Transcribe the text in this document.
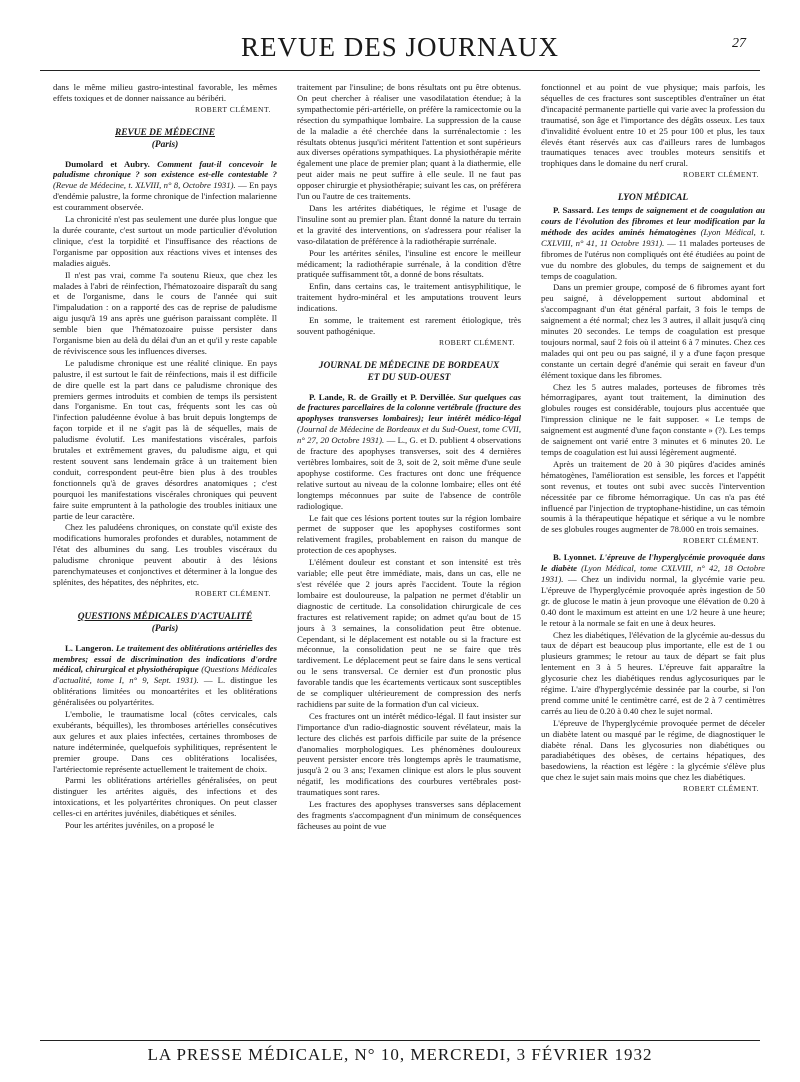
REVUE DES JOURNAUX	27

dans le même milieu gastro-intestinal favorable, les mêmes effets toxiques et de donner naissance au béribéri.

ROBERT CLÉMENT.
REVUE DE MÉDECINE
(Paris)

Dumolard et Aubry. Comment faut-il concevoir le paludisme chronique ? son existence est-elle contestable ? (Revue de Médecine, t. XLVIII, n° 8, Octobre 1931). — En pays d'endémie palustre, la forme chronique de l'infection malarienne est couramment observée.

La chronicité n'est pas seulement une durée plus longue que la durée courante, c'est surtout un mode particulier d'évolution clinique, c'est la torpidité et l'insuffisance des réactions de l'organisme par opposition aux réactions vives et intenses des maladies aiguës.

Il n'est pas vrai, comme l'a soutenu Rieux, que chez les malades à l'abri de réinfection, l'hématozoaire disparaît du sang et de l'organisme, dans le cours de l'année qui suit l'impaludation : on a rapporté des cas de reprise de paludisme aigu jusqu'à 19 ans après une guérison paraissant complète. Il semble bien que l'hématozoaire puisse persister dans l'organisme bien au delà du délai d'un an et qu'il y reste capable de réviviscence sous les influences diverses.

Le paludisme chronique est une réalité clinique. En pays palustre, il est surtout le fait de réinfections, mais il est difficile de dire quelle est la part dans ce paludisme chronique des premiers germes introduits et combien de temps ils persistent dans l'organisme. En tout cas, fréquents sont les cas où l'infection paludéenne évolue à bas bruit depuis longtemps de façon torpide et il ne s'agit pas là de séquelles, mais de paludisme évolutif. Les manifestations viscérales, parfois brutales et extrêmement graves, du paludisme aigu, et qui restent souvent sans lendemain grâce à un traitement bien conduit, correspondent peut-être bien plus à des troubles fonctionnels qu'à de graves désordres anatomiques ; c'est pourquoi les manifestations viscérales chroniques qui peuvent faire suite empruntent à la pathologie des troubles initiaux une partie de leur caractère.

Chez les paludéens chroniques, on constate qu'il existe des modifications humorales profondes et durables, notamment de l'état des albumines du sang. Les troubles viscéraux du paludisme chronique peuvent aboutir à des lésions parenchymateuses et conjonctives et déterminer à la longue des splénites, des hépatites, des néphrites, etc.

ROBERT CLÉMENT.
QUESTIONS MÉDICALES D'ACTUALITÉ
(Paris)

L. Langeron. Le traitement des oblitérations artérielles des membres; essai de discrimination des indications d'ordre médical, chirurgical et physiothérapique (Questions Médicales d'actualité, tome I, n° 9, Sept. 1931). — L. distingue les oblitérations limitées ou monoartérites et les oblitérations généralisées ou polyartérites.

L'embolie, le traumatisme local (côtes cervicales, cals exubérants, béquilles), les thromboses artérielles consécutives aux gelures et aux plaies infectées, certaines thromboses de nature indéterminée, quelquefois syphilitiques, représentent le premier groupe. Dans ces oblitérations localisées, l'artériectomie représente actuellement le traitement de choix.

Parmi les oblitérations artérielles généralisées, on peut distinguer les artérites aiguës, des infections et des intoxications, et les polyartérites chroniques. On peut classer celles-ci en artérites juvéniles, diabétiques et séniles.

Pour les artérites juvéniles, on a proposé le

traitement par l'insuline; de bons résultats ont pu être obtenus. On peut chercher à réaliser une vasodilatation étendue; à la sympathectomie péri-artérielle, on préfère la ramicectomie ou la résection du sympathique lombaire. La suppression de la cause de la maladie a été cherchée dans la surrénalectomie : les résultats obtenus jusqu'ici méritent l'attention et sont supérieurs aux diverses opérations sympathiques. La physiothérapie mérite également une place de premier plan; quant à la diathermie, elle peut aider mais ne peut suffire à elle seule. Il ne faut pas opposer chirurgie et physiothérapie; suivant les cas, on préférera l'un ou l'autre de ces traitements.

Dans les artérites diabétiques, le régime et l'usage de l'insuline sont au premier plan. Étant donné la nature du terrain et la gravité des interventions, on s'adressera pour réaliser la vaso-dilatation de préférence à la radiothérapie surrénale.

Pour les artérites séniles, l'insuline est encore le meilleur médicament; la radiothérapie surrénale, à la condition d'être pratiquée suffisamment tôt, a donné de bons résultats.

Enfin, dans certains cas, le traitement antisyphilitique, le traitement hydro-minéral et les amputations trouvent leurs indications.

En somme, le traitement est rarement étiologique, très souvent pathogénique.

ROBERT CLÉMENT.
JOURNAL DE MÉDECINE DE BORDEAUX
ET DU SUD-OUEST

P. Lande, R. de Grailly et P. Dervillée. Sur quelques cas de fractures parcellaires de la colonne vertébrale (fracture des apophyses transverses lombaires); leur intérêt médico-légal (Journal de Médecine de Bordeaux et du Sud-Ouest, tome CVII, n° 27, 20 Octobre 1931). — L., G. et D. publient 4 observations de fracture des apophyses transverses, soit des 4 dernières vertèbres lombaires, soit de 3, soit de 2, soit même d'une seule apophyse costiforme. Ces fractures ont donc une fréquence relative surtout au niveau de la colonne lombaire; elles ont été longtemps méconnues par suite de l'absence de contrôle radiologique.

Le fait que ces lésions portent toutes sur la région lombaire permet de supposer que les apophyses costiformes sont relativement fragiles, probablement en raison du manque de protection de ces apophyses.

L'élément douleur est constant et son intensité est très variable; elle peut être immédiate, mais, dans un cas, elle ne s'est révélée que 2 jours après l'accident. Toute la région lombaire est douloureuse, la palpation ne permet d'établir un diagnostic de certitude. La consolidation chirurgicale de ces fractures est relativement rapide; on admet qu'au bout de 15 jours à 3 semaines, la consolidation peut être obtenue. Cependant, si le déplacement est notable ou si la fracture est méconnue, la consolidation peut ne se faire que très tardivement. Le déplacement peut se faire dans le sens vertical ou le sens transversal. Ce dernier est d'un pronostic plus favorable tandis que les écartements verticaux sont susceptibles de se compliquer ultérieurement de compression des nerfs rachidiens par suite de la formation d'un cal vicieux.

Ces fractures ont un intérêt médico-légal. Il faut insister sur l'importance d'un radio-diagnostic souvent révélateur, mais la lecture des clichés est parfois difficile par suite de la présence d'anomalies morphologiques. Les phénomènes douloureux peuvent persister encore très longtemps après le traumatisme, jusqu'à 2 ou 3 ans; l'examen clinique est alors le plus souvent négatif, les modifications des courbures vertébrales post-traumatiques sont rares.

Les fractures des apophyses transverses sans déplacement des fragments s'accompagnent d'un minimum de conséquences fâcheuses au point de vue

fonctionnel et au point de vue physique; mais parfois, les séquelles de ces fractures sont susceptibles d'entraîner un état d'incapacité permanente partielle qui varie avec la profession du traumatisé, son âge et l'importance des dégâts osseux. Les taux d'invalidité évoluent entre 10 et 25 pour 100 et plus, les taux élevés étant réservés aux cas d'ailleurs rares de lumbagos traumatiques tenaces avec troubles moteurs sensitifs et trophiques dans le domaine du nerf crural.

ROBERT CLÉMENT.
LYON MÉDICAL

P. Sassard. Les temps de saignement et de coagulation au cours de l'évolution des fibromes et leur modification par la méthode des acides aminés hématogènes (Lyon Médical, t. CXLVIII, n° 41, 11 Octobre 1931). — 11 malades porteuses de fibromes de l'utérus non compliqués ont été étudiées au point de vue du nombre des globules, du temps de saignement et du temps de coagulation.

Dans un premier groupe, composé de 6 fibromes ayant fort peu saigné, à développement surtout abdominal et s'accompagnant d'un état général parfait, 3 fois le temps de saignement a été normal; chez les 3 autres, il allait jusqu'à cinq minutes 20 secondes. Le temps de coagulation est presque toujours normal, sauf 2 fois où il atteint 6 à 7 minutes. Chez ces malades qui ont peu ou pas saigné, il y a d'une façon presque constante un certain degré d'anémie qui serait en faveur d'un élément toxique dans les fibromes.

Chez les 5 autres malades, porteuses de fibromes très hémorragipares, ayant tout traitement, la diminution des globules rouges est considérable, toujours plus accentuée que l'impression clinique ne le fait supposer. « Le temps de saignement est augmenté d'une façon constante » (?). Les temps de saignement ont varié entre 3 minutes et 6 minutes 20. Le temps de coagulation est lui aussi légèrement augmenté.

Après un traitement de 20 à 30 piqûres d'acides aminés hématogènes, l'amélioration est sensible, les forces et l'appétit sont revenus, et toutes ont subi avec succès l'intervention nécessitée par ce fibrome hémorragique. Un cas n'a pas été influencé par l'injection de tryptophane-histidine, un cas témoin soumis à la thérapeutique hépatique et sérique a vu le nombre de ses globules rouges augmenter de 78.000 en trois semaines.

ROBERT CLÉMENT.

B. Lyonnet. L'épreuve de l'hyperglycémie provoquée dans le diabète (Lyon Médical, tome CXLVIII, n° 42, 18 Octobre 1931). — Chez un individu normal, la glycémie varie peu. L'épreuve de l'hyperglycémie provoquée après ingestion de 50 gr. de glucose le matin à jeun provoque une élévation de 0.20 à 0.40 dont le maximum est atteint en une 1/2 heure à une heure; le retour à la normale se fait en une à deux heures.

Chez les diabétiques, l'élévation de la glycémie au-dessus du taux de départ est beaucoup plus importante, elle est de 1 ou plusieurs grammes; le retour au taux de départ se fait plus lentement en 3 à 5 heures. L'épreuve fait apparaître la glycosurie chez les diabétiques rendus aglycosuriques par le régime. L'aire d'hyperglycémie dessinée par la courbe, si l'on prend comme unité le centimètre carré, est de 2 à 7 centimètres carrés au lieu de 0.20 à 0.40 chez le sujet normal.

L'épreuve de l'hyperglycémie provoquée permet de déceler un diabète latent ou masqué par le régime, de diagnostiquer le diabète rénal. Dans les glycosuries non diabétiques ou paradiabétiques des obèses, de certains hépatiques, des basedowiens, la réaction est légère : la glycémie s'élève plus que chez le sujet sain mais moins que chez les diabétiques.

ROBERT CLÉMENT.
LA PRESSE MÉDICALE, N° 10, MERCREDI, 3 FÉVRIER 1932
